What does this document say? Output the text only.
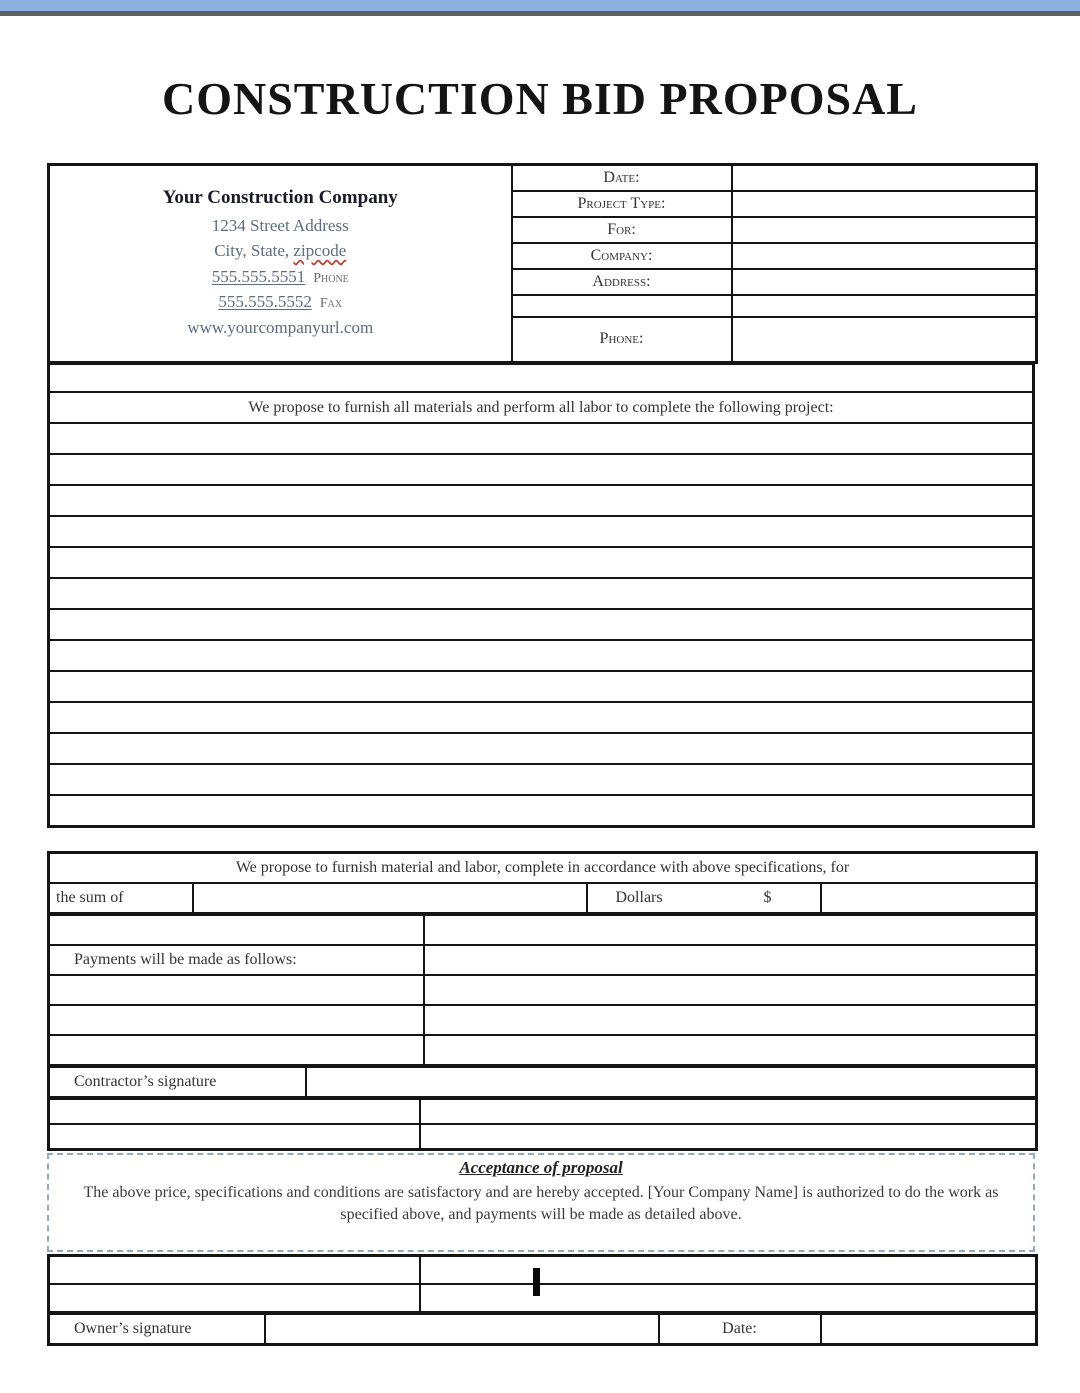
CONSTRUCTION BID PROPOSAL
Your Construction Company
1234 Street Address
City, State, zipcode
555.555.5551 Phone
555.555.5552 Fax
www.yourcompanyurl.com
	Date:	
	Project Type:	
	For:	
	Company:	
	Address:	

	Phone:	

We propose to furnish all materials and perform all labor to complete the following project:

We propose to furnish material and labor, complete in accordance with above specifications, for
the sum of		Dollars	$

Payments will be made as follows:	

Contractor’s signature	

Acceptance of proposal
The above price, specifications and conditions are satisfactory and are hereby accepted. [Your Company Name] is authorized to do the work as specified above, and payments will be made as detailed above.

Owner’s signature		Date:	
